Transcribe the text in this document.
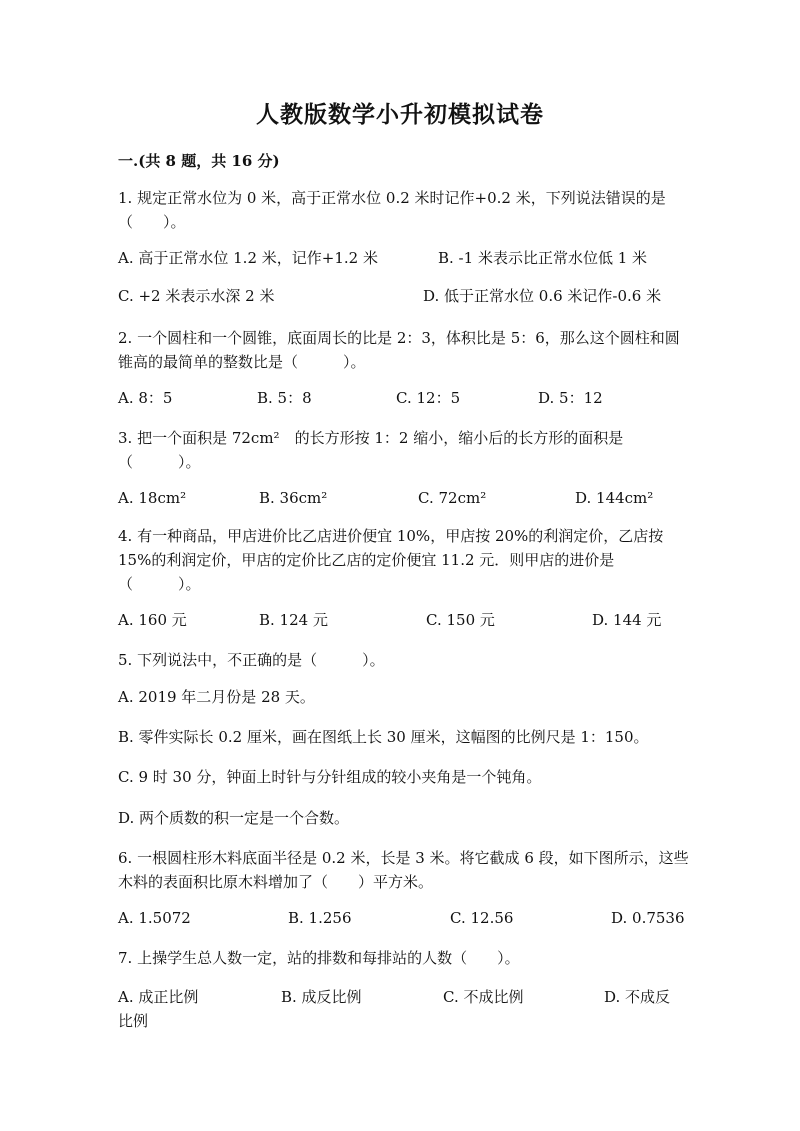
人教版数学小升初模拟试卷
一.(共 8 题，共 16 分)
1. 规定正常水位为 0 米，高于正常水位 0.2 米时记作+0.2 米，下列说法错误的是（　　）。
A. 高于正常水位 1.2 米，记作+1.2 米	B. -1 米表示比正常水位低 1 米
C. +2 米表示水深 2 米	D. 低于正常水位 0.6 米记作-0.6 米
2. 一个圆柱和一个圆锥，底面周长的比是 2：3，体积比是 5：6，那么这个圆柱和圆锥高的最简单的整数比是（　　　）。
A. 8：5	B. 5：8	C. 12：5	D. 5：12
3. 把一个面积是 72cm²　的长方形按 1：2 缩小，缩小后的长方形的面积是（　　　）。
A. 18cm²	B. 36cm²	C. 72cm²	D. 144cm²
4. 有一种商品，甲店进价比乙店进价便宜 10%，甲店按 20%的利润定价，乙店按 15%的利润定价，甲店的定价比乙店的定价便宜 11.2 元．则甲店的进价是（　　　）。
A. 160 元	B. 124 元	C. 150 元	D. 144 元
5. 下列说法中，不正确的是（　　　）。
A. 2019 年二月份是 28 天。
B. 零件实际长 0.2 厘米，画在图纸上长 30 厘米，这幅图的比例尺是 1：150。
C. 9 时 30 分，钟面上时针与分针组成的较小夹角是一个钝角。
D. 两个质数的积一定是一个合数。
6. 一根圆柱形木料底面半径是 0.2 米，长是 3 米。将它截成 6 段，如下图所示，这些木料的表面积比原木料增加了（　　）平方米。
A. 1.5072	B. 1.256	C. 12.56	D. 0.7536
7. 上操学生总人数一定，站的排数和每排站的人数（　　）。
A. 成正比例	B. 成反比例	C. 不成比例	D. 不成反
比例
